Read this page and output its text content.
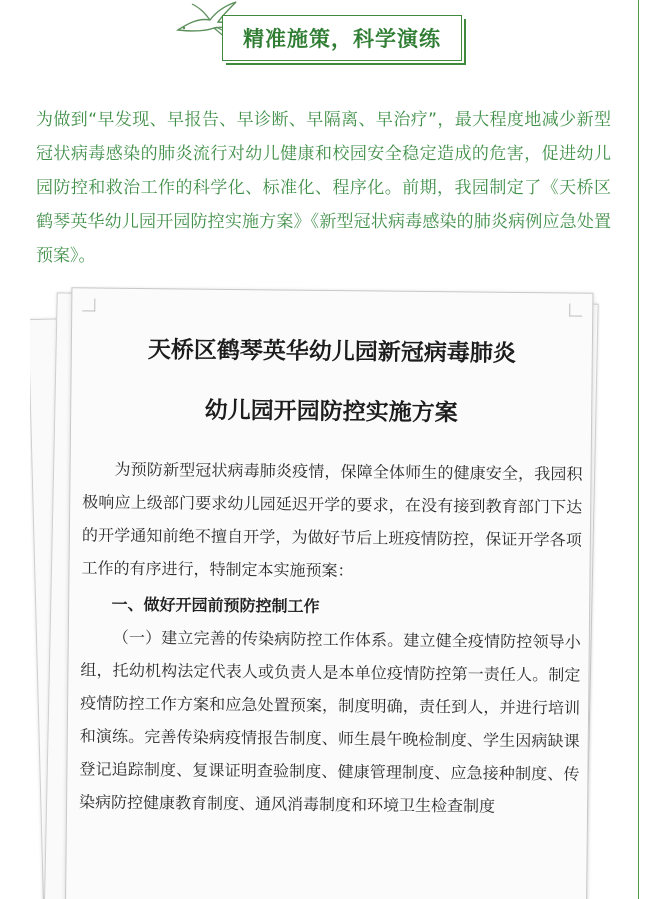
精准施策，科学演练

为做到“早发现、早报告、早诊断、早隔离、早治疗”，最大程度地减少新型冠状病毒感染的肺炎流行对幼儿健康和校园安全稳定造成的危害，促进幼儿园防控和救治工作的科学化、标准化、程序化。前期，我园制定了《天桥区鹤琴英华幼儿园开园防控实施方案》《新型冠状病毒感染的肺炎病例应急处置预案》。

天桥区鹤琴英华幼儿园新冠病毒肺炎
幼儿园开园防控实施方案

为预防新型冠状病毒肺炎疫情，保障全体师生的健康安全，我园积极响应上级部门要求幼儿园延迟开学的要求，在没有接到教育部门下达的开学通知前绝不擅自开学，为做好节后上班疫情防控，保证开学各项工作的有序进行，特制定本实施预案：

一、做好开园前预防控制工作

（一）建立完善的传染病防控工作体系。建立健全疫情防控领导小组，托幼机构法定代表人或负责人是本单位疫情防控第一责任人。制定疫情防控工作方案和应急处置预案，制度明确，责任到人，并进行培训和演练。完善传染病疫情报告制度、师生晨午晚检制度、学生因病缺课登记追踪制度、复课证明查验制度、健康管理制度、应急接种制度、传染病防控健康教育制度、通风消毒制度和环境卫生检查制度
